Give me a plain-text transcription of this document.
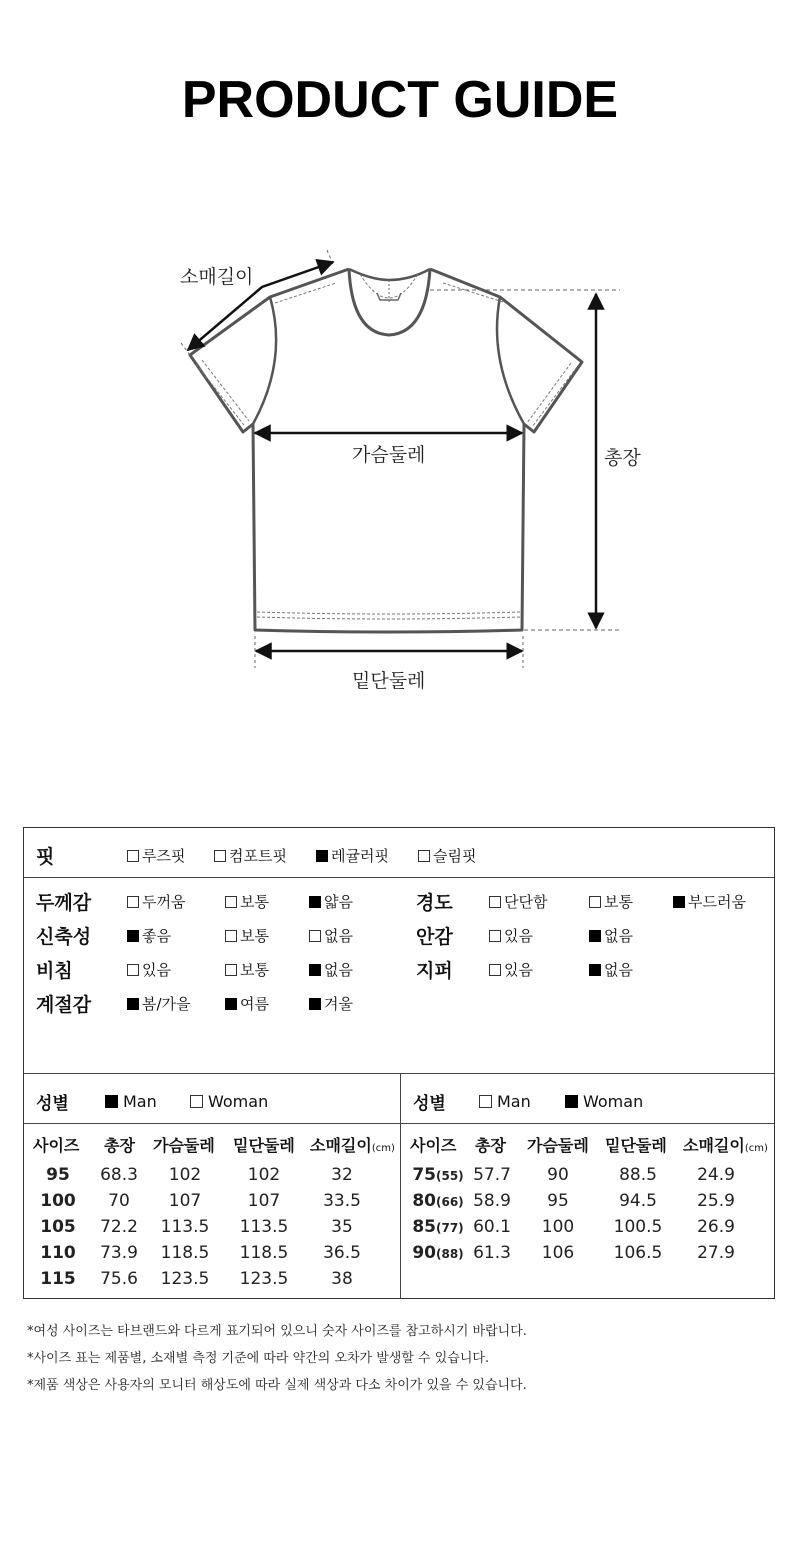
PRODUCT GUIDE
소매길이
가슴둘레	총장
밑단둘레
핏	루즈핏	컴포트핏	레귤러핏	슬림핏
두께감	두꺼움	보통	얇음
신축성	좋음	보통	없음
비침	있음	보통	없음
계절감	봄/가을	여름	겨울
경도	단단함	보통	부드러움
안감	있음	없음
지퍼	있음	없음
성별	Man	Woman
사이즈 총장 가슴둘레 밑단둘레 소매길이(cm)
95	68.3	102	102	32
100	70	107	107	33.5
105	72.2	113.5	113.5	35
110	73.9	118.5	118.5	36.5
115	75.6	123.5	123.5	38
성별	Man	Woman
사이즈 총장 가슴둘레 밑단둘레 소매길이(cm)
75(55) 57.7	90	88.5	24.9
80(66) 58.9	95	94.5	25.9
85(77) 60.1	100	100.5	26.9
90(88) 61.3	106	106.5	27.9
*여성 사이즈는 타브랜드와 다르게 표기되어 있으니 숫자 사이즈를 참고하시기 바랍니다.
*사이즈 표는 제품별, 소재별 측정 기준에 따라 약간의 오차가 발생할 수 있습니다.
*제품 색상은 사용자의 모니터 해상도에 따라 실제 색상과 다소 차이가 있을 수 있습니다.
